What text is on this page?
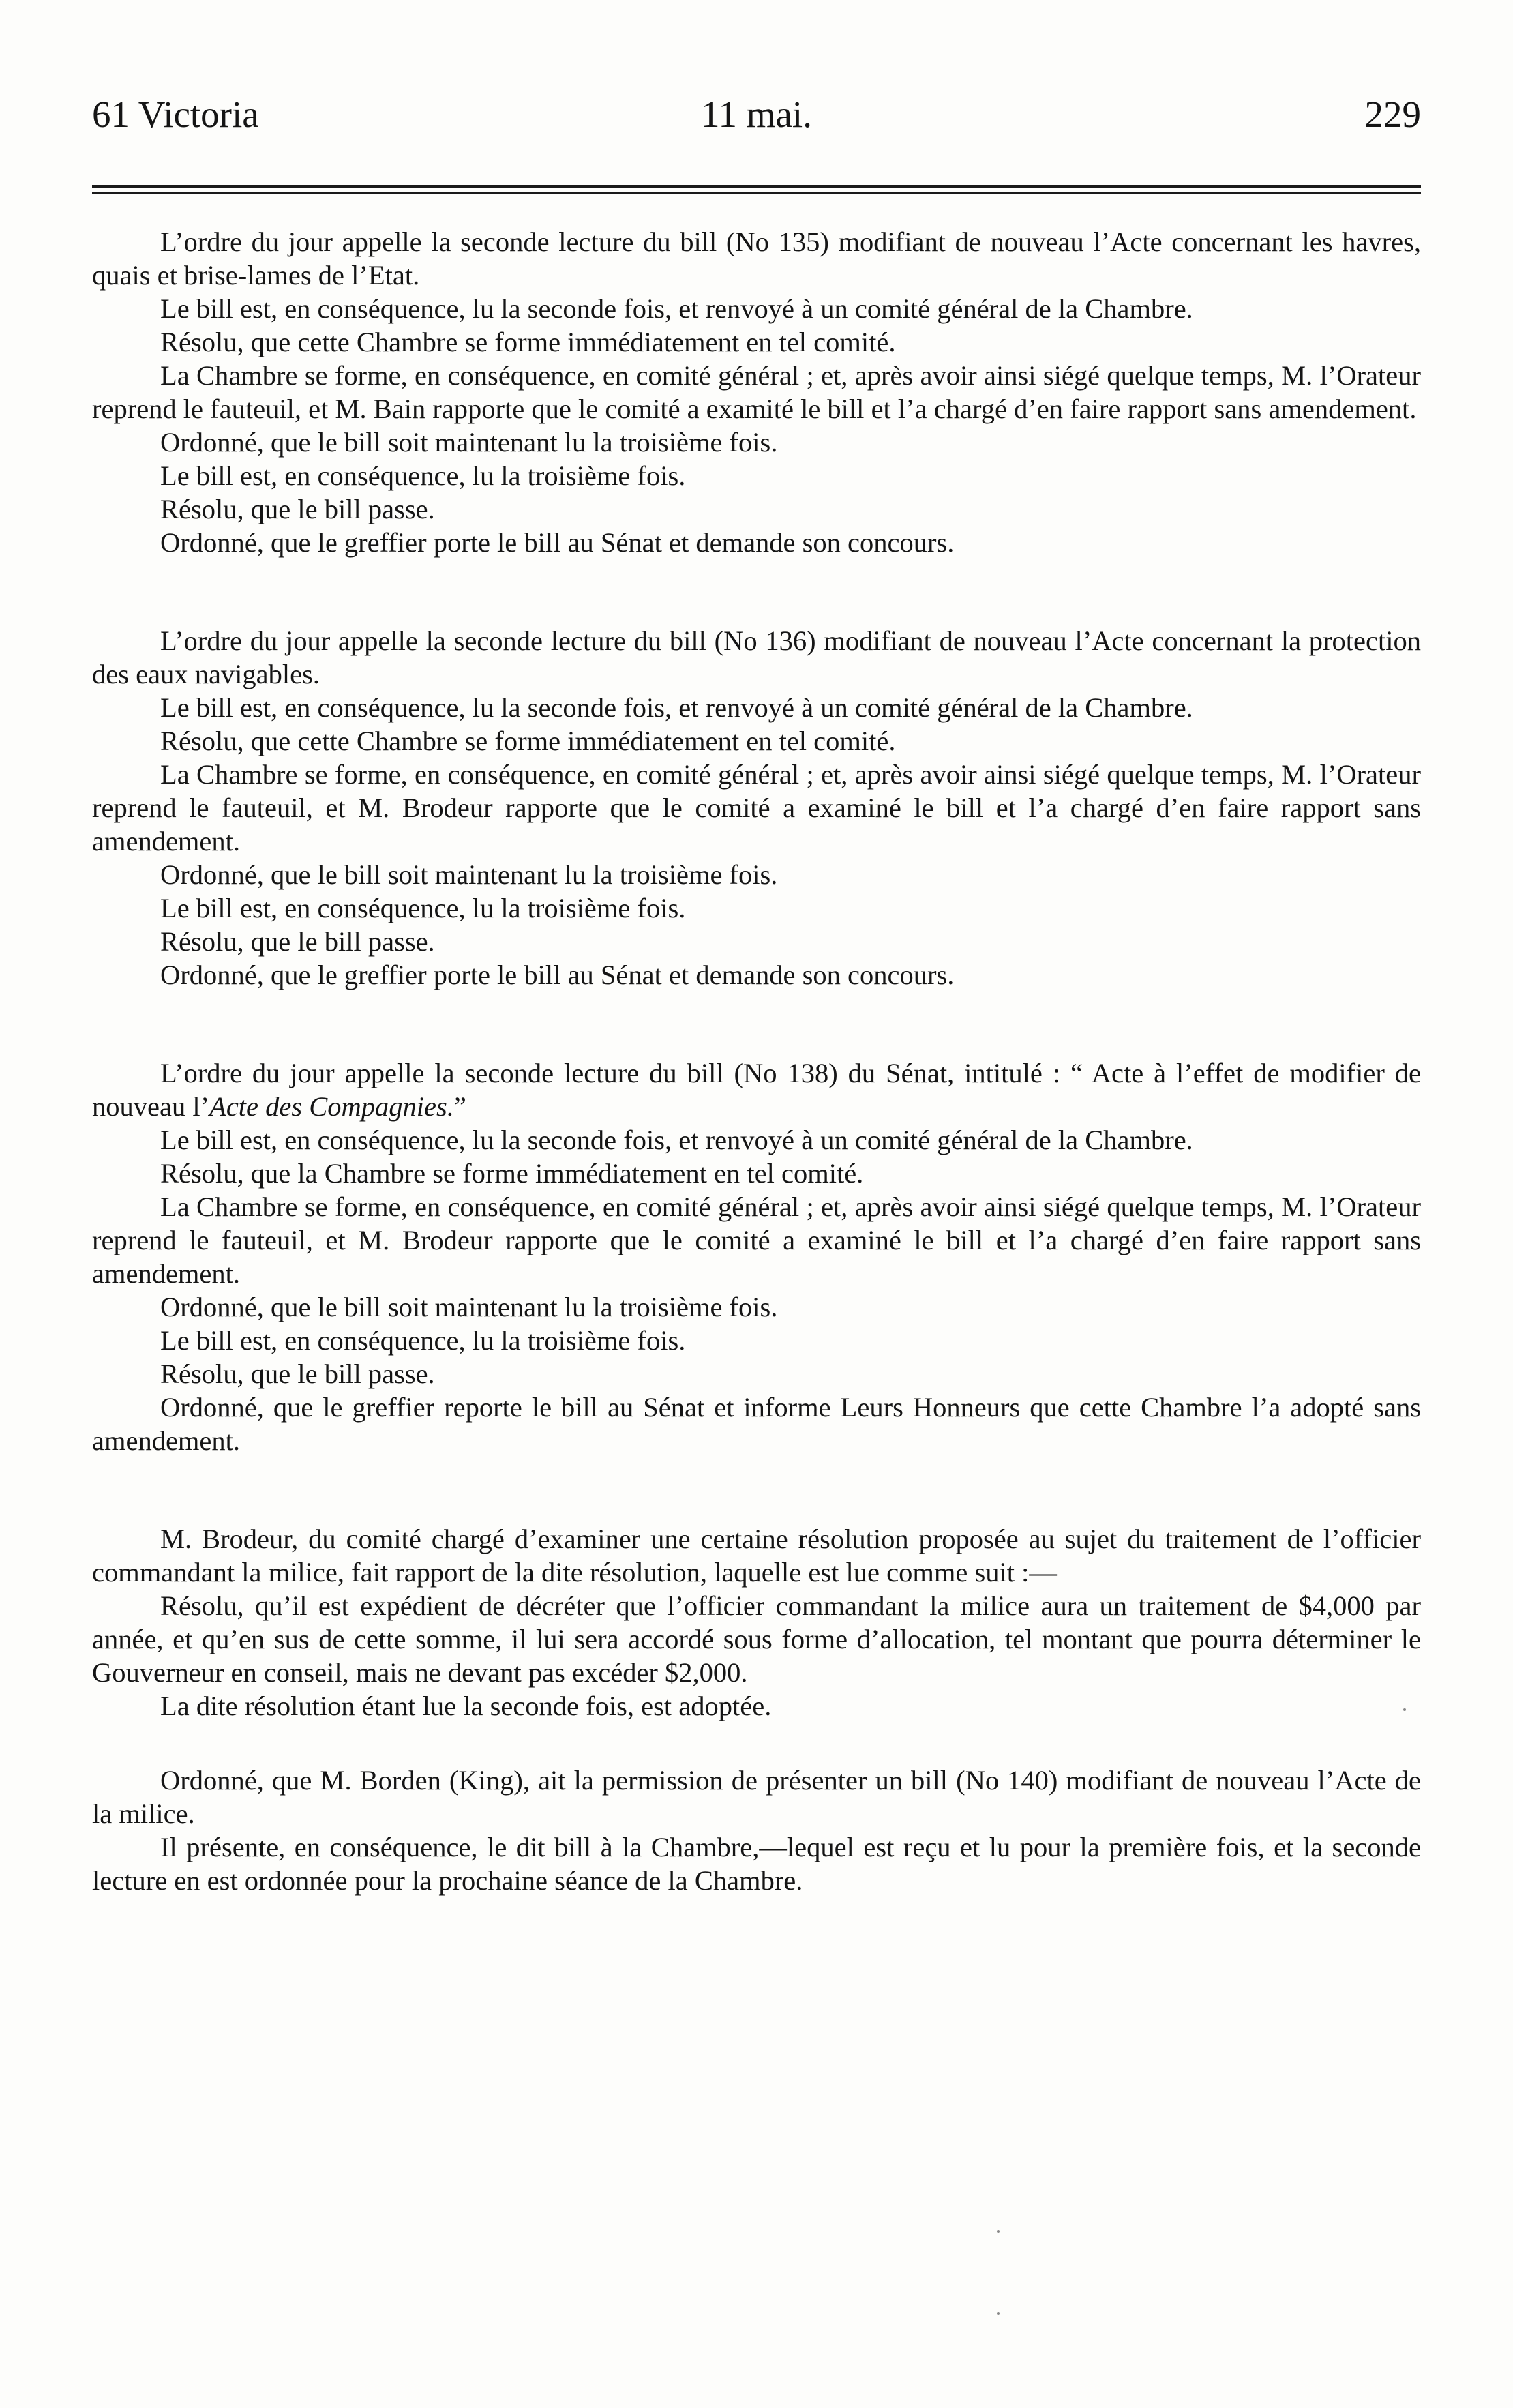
61 Victoria	11 mai.	229

L’ordre du jour appelle la seconde lecture du bill (No 135) modifiant de nouveau l’Acte concernant les havres, quais et brise-lames de l’Etat.

Le bill est, en conséquence, lu la seconde fois, et renvoyé à un comité général de la Chambre.

Résolu, que cette Chambre se forme immédiatement en tel comité.

La Chambre se forme, en conséquence, en comité général ; et, après avoir ainsi siégé quelque temps, M. l’Orateur reprend le fauteuil, et M. Bain rapporte que le comité a examité le bill et l’a chargé d’en faire rapport sans amendement.

Ordonné, que le bill soit maintenant lu la troisième fois.

Le bill est, en conséquence, lu la troisième fois.

Résolu, que le bill passe.

Ordonné, que le greffier porte le bill au Sénat et demande son concours.

L’ordre du jour appelle la seconde lecture du bill (No 136) modifiant de nouveau l’Acte concernant la protection des eaux navigables.

Le bill est, en conséquence, lu la seconde fois, et renvoyé à un comité général de la Chambre.

Résolu, que cette Chambre se forme immédiatement en tel comité.

La Chambre se forme, en conséquence, en comité général ; et, après avoir ainsi siégé quelque temps, M. l’Orateur reprend le fauteuil, et M. Brodeur rapporte que le comité a examiné le bill et l’a chargé d’en faire rapport sans amendement.

Ordonné, que le bill soit maintenant lu la troisième fois.

Le bill est, en conséquence, lu la troisième fois.

Résolu, que le bill passe.

Ordonné, que le greffier porte le bill au Sénat et demande son concours.

L’ordre du jour appelle la seconde lecture du bill (No 138) du Sénat, intitulé : “ Acte à l’effet de modifier de nouveau l’Acte des Compagnies.”

Le bill est, en conséquence, lu la seconde fois, et renvoyé à un comité général de la Chambre.

Résolu, que la Chambre se forme immédiatement en tel comité.

La Chambre se forme, en conséquence, en comité général ; et, après avoir ainsi siégé quelque temps, M. l’Orateur reprend le fauteuil, et M. Brodeur rapporte que le comité a examiné le bill et l’a chargé d’en faire rapport sans amendement.

Ordonné, que le bill soit maintenant lu la troisième fois.

Le bill est, en conséquence, lu la troisième fois.

Résolu, que le bill passe.

Ordonné, que le greffier reporte le bill au Sénat et informe Leurs Honneurs que cette Chambre l’a adopté sans amendement.

M. Brodeur, du comité chargé d’examiner une certaine résolution proposée au sujet du traitement de l’officier commandant la milice, fait rapport de la dite résolution, laquelle est lue comme suit :—

Résolu, qu’il est expédient de décréter que l’officier commandant la milice aura un traitement de $4,000 par année, et qu’en sus de cette somme, il lui sera accordé sous forme d’allocation, tel montant que pourra déterminer le Gouverneur en conseil, mais ne devant pas excéder $2,000.

La dite résolution étant lue la seconde fois, est adoptée.

Ordonné, que M. Borden (King), ait la permission de présenter un bill (No 140) modifiant de nouveau l’Acte de la milice.

Il présente, en conséquence, le dit bill à la Chambre,—lequel est reçu et lu pour la première fois, et la seconde lecture en est ordonnée pour la prochaine séance de la Chambre.
